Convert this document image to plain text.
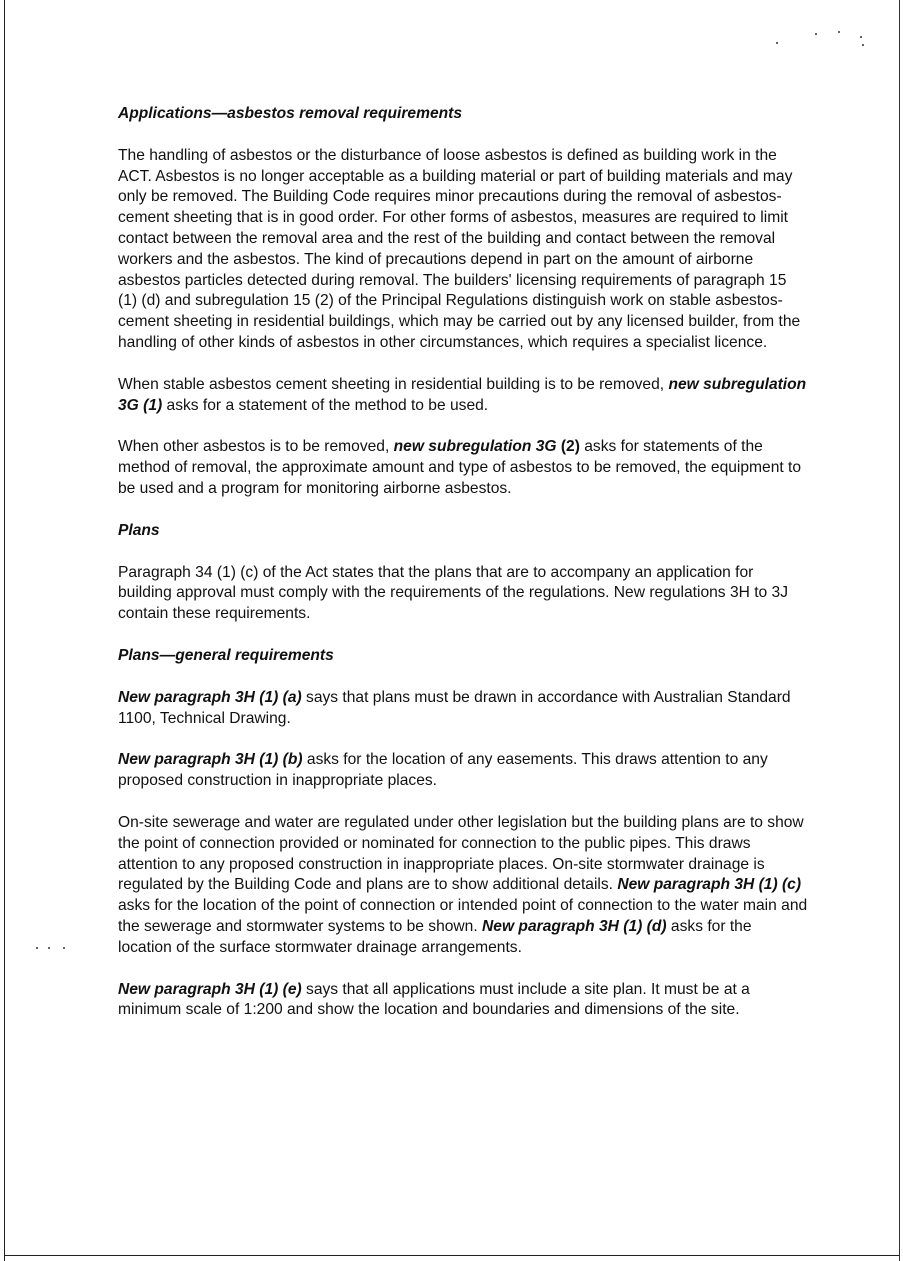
Applications—asbestos removal requirements

The handling of asbestos or the disturbance of loose asbestos is defined as building work in the ACT. Asbestos is no longer acceptable as a building material or part of building materials and may only be removed. The Building Code requires minor precautions during the removal of asbestos-cement sheeting that is in good order. For other forms of asbestos, measures are required to limit contact between the removal area and the rest of the building and contact between the removal workers and the asbestos. The kind of precautions depend in part on the amount of airborne asbestos particles detected during removal. The builders' licensing requirements of paragraph 15 (1) (d) and subregulation 15 (2) of the Principal Regulations distinguish work on stable asbestos-cement sheeting in residential buildings, which may be carried out by any licensed builder, from the handling of other kinds of asbestos in other circumstances, which requires a specialist licence.

When stable asbestos cement sheeting in residential building is to be removed, new subregulation 3G (1) asks for a statement of the method to be used.

When other asbestos is to be removed, new subregulation 3G (2) asks for statements of the method of removal, the approximate amount and type of asbestos to be removed, the equipment to be used and a program for monitoring airborne asbestos.

Plans

Paragraph 34 (1) (c) of the Act states that the plans that are to accompany an application for building approval must comply with the requirements of the regulations. New regulations 3H to 3J contain these requirements.

Plans—general requirements

New paragraph 3H (1) (a) says that plans must be drawn in accordance with Australian Standard 1100, Technical Drawing.

New paragraph 3H (1) (b) asks for the location of any easements. This draws attention to any proposed construction in inappropriate places.

On-site sewerage and water are regulated under other legislation but the building plans are to show the point of connection provided or nominated for connection to the public pipes. This draws attention to any proposed construction in inappropriate places. On-site stormwater drainage is regulated by the Building Code and plans are to show additional details. New paragraph 3H (1) (c) asks for the location of the point of connection or intended point of connection to the water main and the sewerage and stormwater systems to be shown. New paragraph 3H (1) (d) asks for the location of the surface stormwater drainage arrangements.

New paragraph 3H (1) (e) says that all applications must include a site plan. It must be at a minimum scale of 1:200 and show the location and boundaries and dimensions of the site.
